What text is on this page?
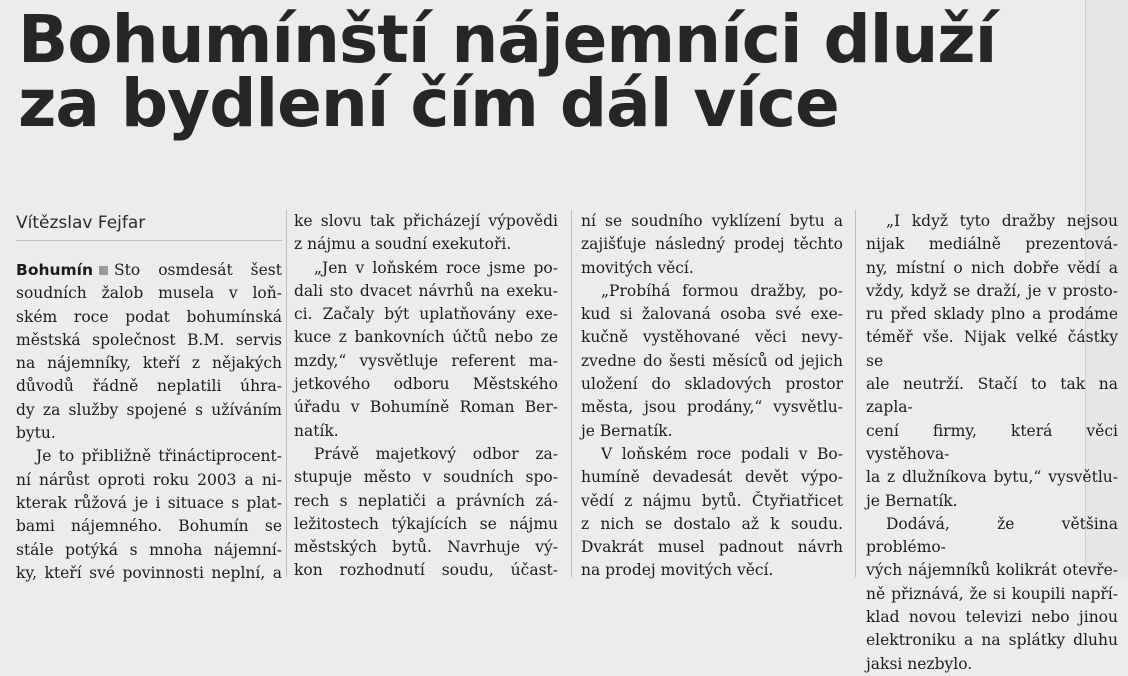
Bohumínští nájemníci dluží
za bydlení čím dál více
Vítězslav Fejfar
Bohumín Sto osmdesát šest
soudních žalob musela v loň-
ském roce podat bohumínská
městská společnost B.M. servis
na nájemníky, kteří z nějakých
důvodů řádně neplatili úhra-
dy za služby spojené s užíváním
bytu.
Je to přibližně třináctiprocent-
ní nárůst oproti roku 2003 a ni-
kterak růžová je i situace s plat-
bami nájemného. Bohumín se
stále potýká s mnoha nájemní-
ky, kteří své povinnosti neplní, a
ke slovu tak přicházejí výpovědi
z nájmu a soudní exekutoři.
„Jen v loňském roce jsme po-
dali sto dvacet návrhů na exeku-
ci. Začaly být uplatňovány exe-
kuce z bankovních účtů nebo ze
mzdy,“ vysvětluje referent ma-
jetkového odboru Městského
úřadu v Bohumíně Roman Ber-
natík.
Právě majetkový odbor za-
stupuje město v soudních spo-
rech s neplatiči a právních zá-
ležitostech týkajících se nájmu
městských bytů. Navrhuje vý-
kon rozhodnutí soudu, účast-
ní se soudního vyklízení bytu a
zajišťuje následný prodej těchto
movitých věcí.
„Probíhá formou dražby, po-
kud si žalovaná osoba své exe-
kučně vystěhované věci nevy-
zvedne do šesti měsíců od jejich
uložení do skladových prostor
města, jsou prodány,“ vysvětlu-
je Bernatík.
V loňském roce podali v Bo-
humíně devadesát devět výpo-
vědí z nájmu bytů. Čtyřiatřicet
z nich se dostalo až k soudu.
Dvakrát musel padnout návrh
na prodej movitých věcí.
„I když tyto dražby nejsou
nijak mediálně prezentová-
ny, místní o nich dobře vědí a
vždy, když se draží, je v prosto-
ru před sklady plno a prodáme
téměř vše. Nijak velké částky se
ale neutrží. Stačí to tak na zapla-
cení firmy, která věci vystěhova-
la z dlužníkova bytu,“ vysvětlu-
je Bernatík.
Dodává, že většina problémo-
vých nájemníků kolikrát otevře-
ně přiznává, že si koupili napří-
klad novou televizi nebo jinou
elektroniku a na splátky dluhu
jaksi nezbylo.
